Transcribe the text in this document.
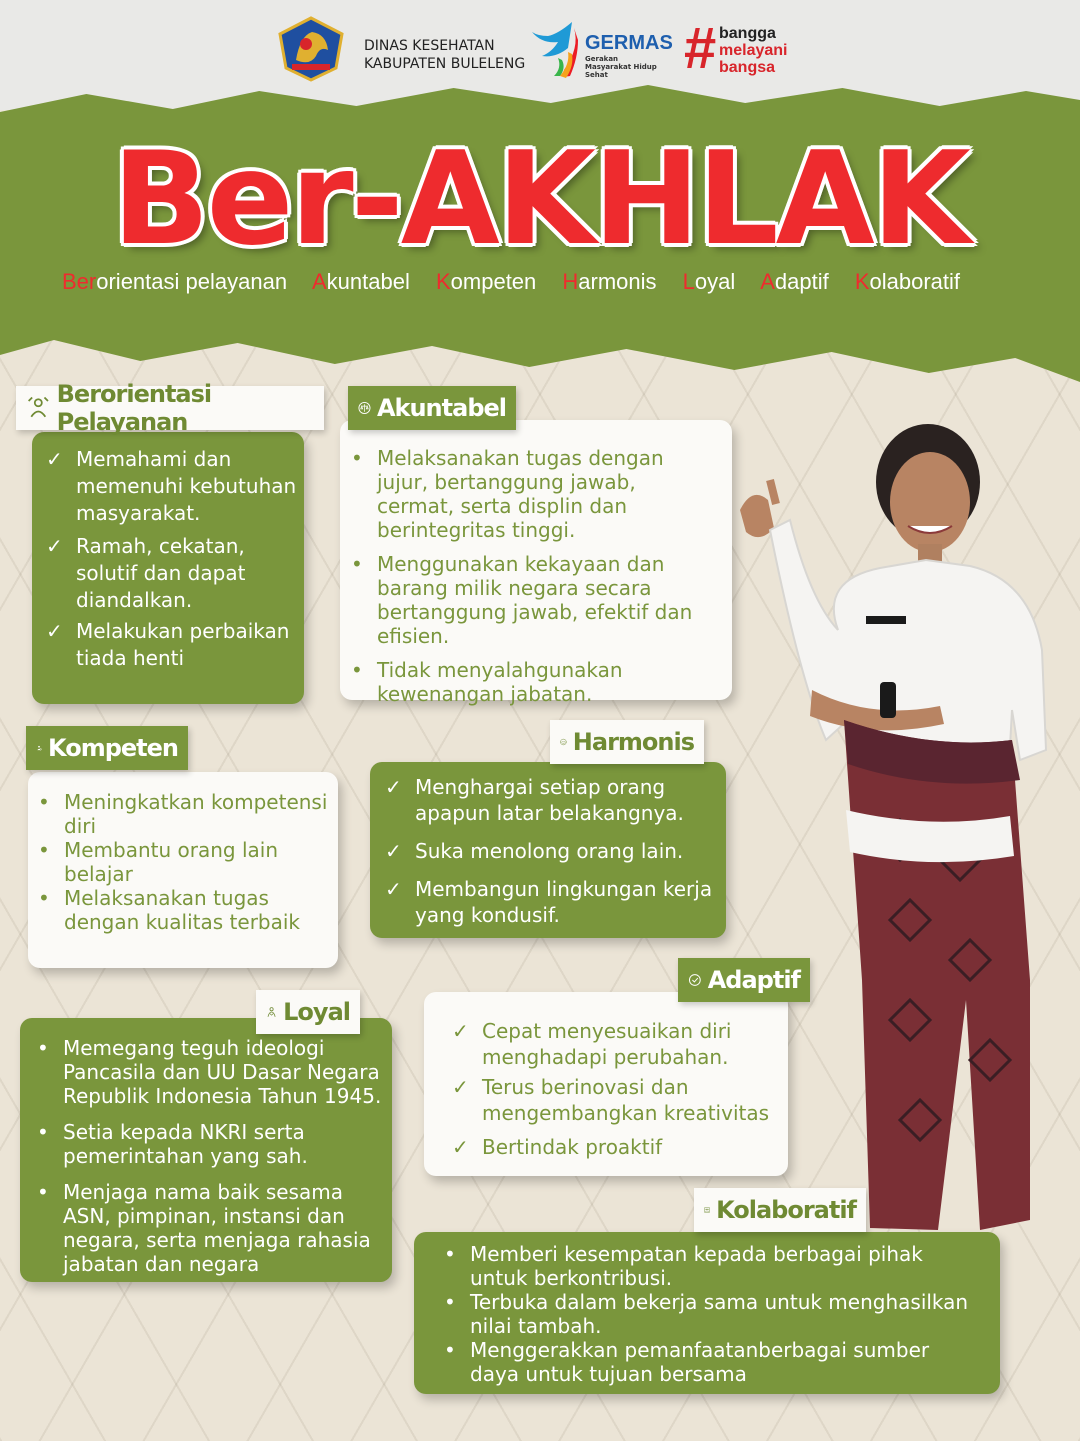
DINAS KESEHATAN
KABUPATEN BULELENG
GERMAS
Gerakan Masyarakat Hidup Sehat	# bangga
melayani
bangsa
Ber-AKHLAK
Berorientasi pelayanan Akuntabel Kompeten Harmonis Loyal Adaptif Kolaboratif
✓ Memahami dan memenuhi kebutuhan masyarakat.
✓ Ramah, cekatan, solutif dan dapat diandalkan.
✓ Melakukan perbaikan tiada henti
Berorientasi Pelayanan
• Melaksanakan tugas dengan jujur, bertanggung jawab, cermat, serta displin dan berintegritas tinggi.
• Menggunakan kekayaan dan barang milik negara secara bertanggung jawab, efektif dan efisien.
• Tidak menyalahgunakan kewenangan jabatan.
Akuntabel
• Meningkatkan kompetensi diri
• Membantu orang lain belajar
• Melaksanakan tugas dengan kualitas terbaik
Kompeten
✓ Menghargai setiap orang apapun latar belakangnya.
✓ Suka menolong orang lain.
✓ Membangun lingkungan kerja yang kondusif.
Harmonis
✓ Cepat menyesuaikan diri menghadapi perubahan.
✓ Terus berinovasi dan mengembangkan kreativitas
✓ Bertindak proaktif
Adaptif
• Memegang teguh ideologi Pancasila dan UU Dasar Negara Republik Indonesia Tahun 1945.
• Setia kepada NKRI serta pemerintahan yang sah.
• Menjaga nama baik sesama ASN, pimpinan, instansi dan negara, serta menjaga rahasia jabatan dan negara
Loyal
• Memberi kesempatan kepada berbagai pihak untuk berkontribusi.
• Terbuka dalam bekerja sama untuk menghasilkan nilai tambah.
• Menggerakkan pemanfaatanberbagai sumber daya untuk tujuan bersama
Kolaboratif
